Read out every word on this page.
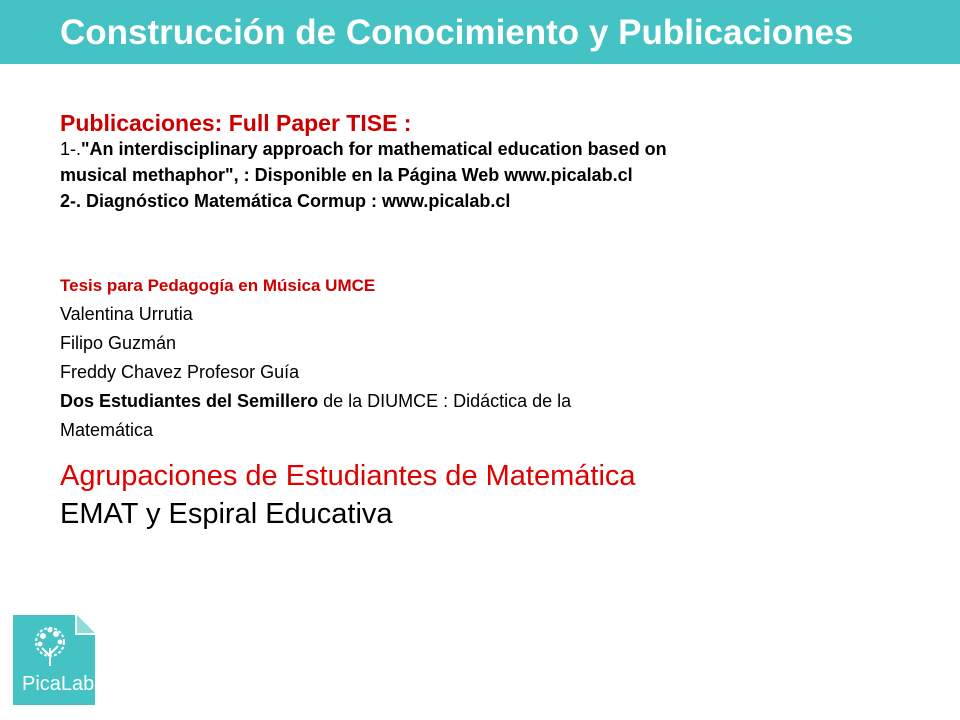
Construcción de Conocimiento y Publicaciones
Publicaciones: Full Paper TISE :
1-."An interdisciplinary approach for mathematical education based on
musical methaphor", : Disponible en la Página Web www.picalab.cl
2-. Diagnóstico Matemática Cormup : www.picalab.cl
Tesis para Pedagogía en Música UMCE
Valentina Urrutia
Filipo Guzmán
Freddy Chavez Profesor Guía
Dos Estudiantes del Semillero de la DIUMCE : Didáctica de la
Matemática
Agrupaciones de Estudiantes de Matemática
EMAT y Espiral Educativa
PicaLab
